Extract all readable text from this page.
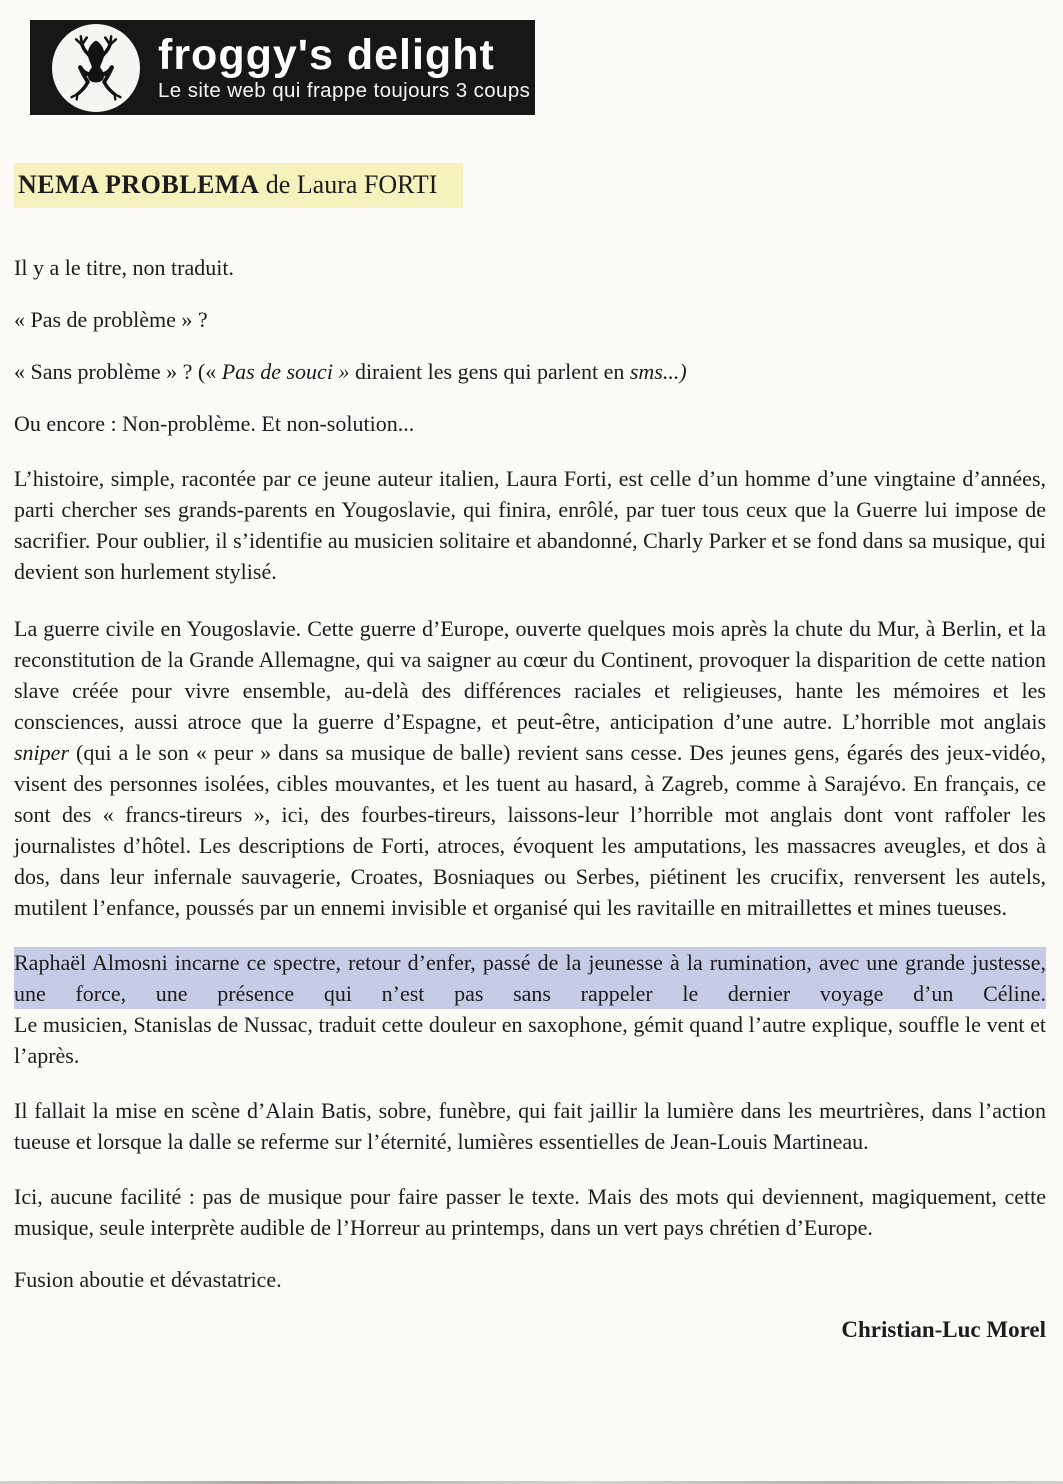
froggy's delight
Le site web qui frappe toujours 3 coups
NEMA PROBLEMA de Laura FORTI

Il y a le titre, non traduit.

« Pas de problème » ?

« Sans problème » ? (« Pas de souci » diraient les gens qui parlent en sms...)

Ou encore : Non-problème. Et non-solution...

L’histoire, simple, racontée par ce jeune auteur italien, Laura Forti, est celle d’un homme d’une vingtaine d’années, parti chercher ses grands-parents en Yougoslavie, qui finira, enrôlé, par tuer tous ceux que la Guerre lui impose de sacrifier. Pour oublier, il s’identifie au musicien solitaire et abandonné, Charly Parker et se fond dans sa musique, qui devient son hurlement stylisé.

La guerre civile en Yougoslavie. Cette guerre d’Europe, ouverte quelques mois après la chute du Mur, à Berlin, et la reconstitution de la Grande Allemagne, qui va saigner au cœur du Continent, provoquer la disparition de cette nation slave créée pour vivre ensemble, au-delà des différences raciales et religieuses, hante les mémoires et les consciences, aussi atroce que la guerre d’Espagne, et peut-être, anticipation d’une autre. L’horrible mot anglais sniper (qui a le son « peur » dans sa musique de balle) revient sans cesse. Des jeunes gens, égarés des jeux-vidéo, visent des personnes isolées, cibles mouvantes, et les tuent au hasard, à Zagreb, comme à Sarajévo. En français, ce sont des « francs-tireurs », ici, des fourbes-tireurs, laissons-leur l’horrible mot anglais dont vont raffoler les journalistes d’hôtel. Les descriptions de Forti, atroces, évoquent les amputations, les massacres aveugles, et dos à dos, dans leur infernale sauvagerie, Croates, Bosniaques ou Serbes, piétinent les crucifix, renversent les autels, mutilent l’enfance, poussés par un ennemi invisible et organisé qui les ravitaille en mitraillettes et mines tueuses.

Raphaël Almosni incarne ce spectre, retour d’enfer, passé de la jeunesse à la rumination, avec une grande justesse, une force, une présence qui n’est pas sans rappeler le dernier voyage d’un Céline.
Le musicien, Stanislas de Nussac, traduit cette douleur en saxophone, gémit quand l’autre explique, souffle le vent et l’après.

Il fallait la mise en scène d’Alain Batis, sobre, funèbre, qui fait jaillir la lumière dans les meurtrières, dans l’action tueuse et lorsque la dalle se referme sur l’éternité, lumières essentielles de Jean-Louis Martineau.

Ici, aucune facilité : pas de musique pour faire passer le texte. Mais des mots qui deviennent, magiquement, cette musique, seule interprète audible de l’Horreur au printemps, dans un vert pays chrétien d’Europe.

Fusion aboutie et dévastatrice.

Christian-Luc Morel
